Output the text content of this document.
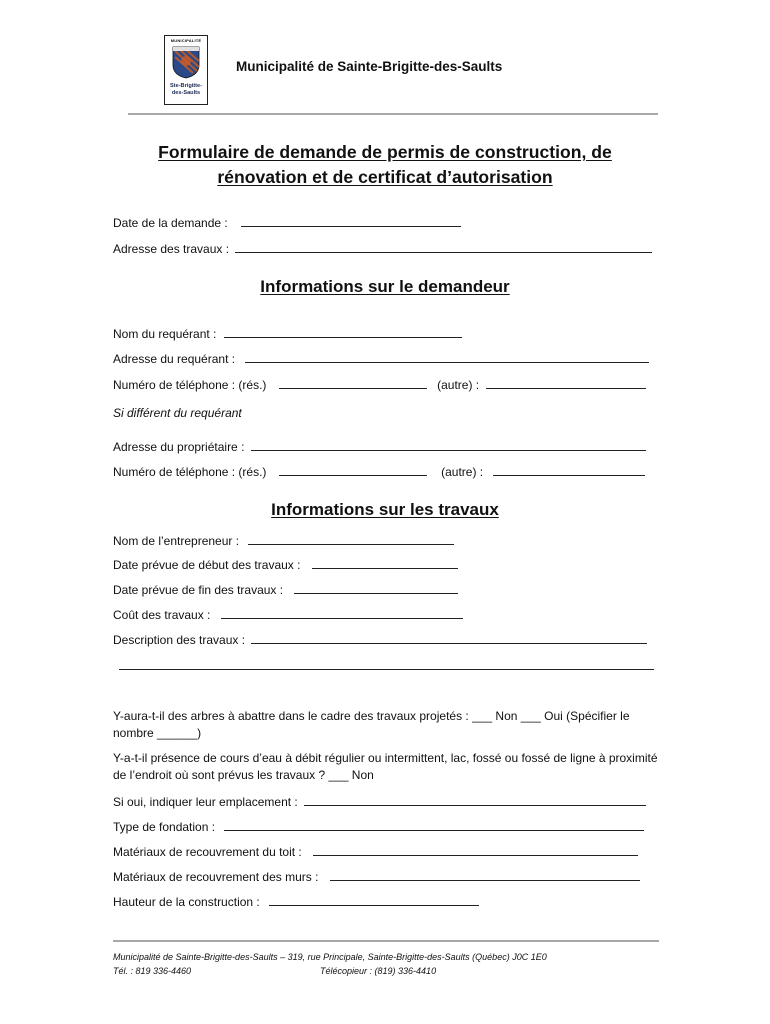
MUNICIPALITÉ
Ste-Brigitte-
des-Saults
Municipalité de Sainte-Brigitte-des-Saults
Formulaire de demande de permis de construction, de
rénovation et de certificat d’autorisation
Date de la demande :
Adresse des travaux :
Informations sur le demandeur
Nom du requérant :
Adresse du requérant :
Numéro de téléphone : (rés.)	(autre) :
Si différent du requérant
Adresse du propriétaire :
Numéro de téléphone : (rés.)	(autre) :
Informations sur les travaux
Nom de l’entrepreneur :
Date prévue de début des travaux :
Date prévue de fin des travaux :
Coût des travaux :
Description des travaux :
Y-aura-t-il des arbres à abattre dans le cadre des travaux projetés : ___ Non ___ Oui (Spécifier le nombre ______)
Y-a-t-il présence de cours d’eau à débit régulier ou intermittent, lac, fossé ou fossé de ligne à proximité de l’endroit où sont prévus les travaux ? ___ Non
Si oui, indiquer leur emplacement :
Type de fondation :
Matériaux de recouvrement du toit :
Matériaux de recouvrement des murs :
Hauteur de la construction :
Municipalité de Sainte-Brigitte-des-Saults – 319, rue Principale, Sainte-Brigitte-des-Saults (Québec) J0C 1E0
Tél. : 819 336-4460	Télécopieur : (819) 336-4410
